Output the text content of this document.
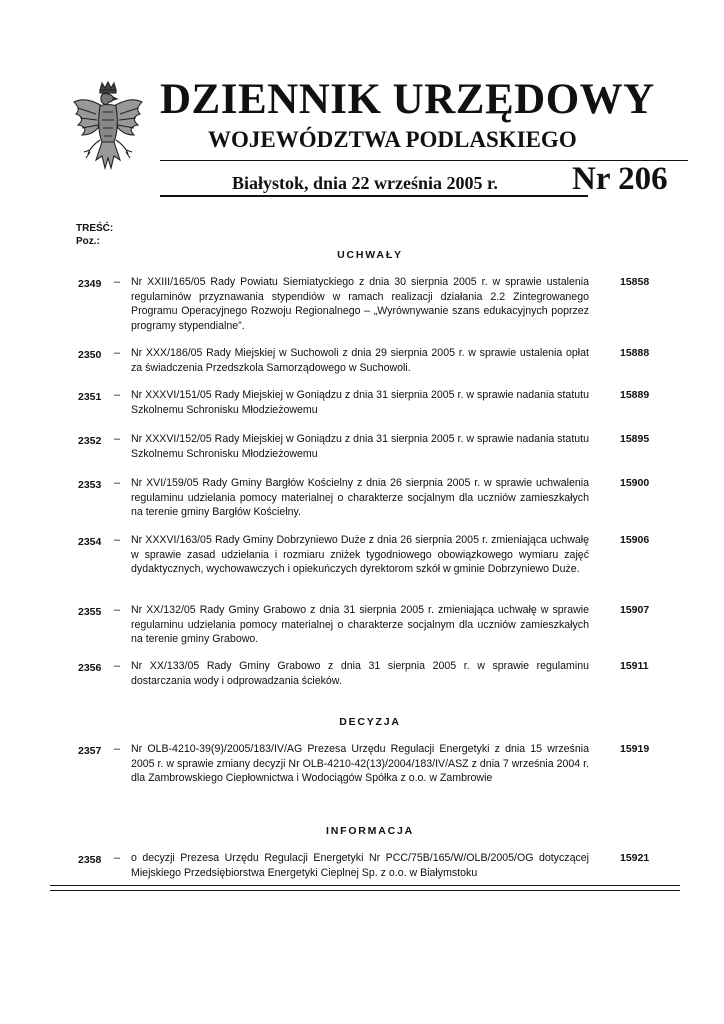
DZIENNIK URZĘDOWY
WOJEWÓDZTWA PODLASKIEGO
Białystok, dnia 22 września 2005 r. Nr 206
TREŚĆ:
Poz.:
UCHWAŁY
2349 – Nr XXIII/165/05 Rady Powiatu Siemiatyckiego z dnia 30 sierpnia 2005 r. w sprawie ustalenia regulaminów przyznawania stypendiów w ramach realizacji działania 2.2 Zintegrowanego Programu Operacyjnego Rozwoju Regionalnego – „Wyrównywanie szans edukacyjnych poprzez programy stypendialne”.
15858
2350 – Nr XXX/186/05 Rady Miejskiej w Suchowoli z dnia 29 sierpnia 2005 r. w sprawie ustalenia opłat za świadczenia Przedszkola Samorządowego w Suchowoli.
15888
2351 – Nr XXXVI/151/05 Rady Miejskiej w Goniądzu z dnia 31 sierpnia 2005 r. w sprawie nadania statutu Szkolnemu Schronisku Młodzieżowemu
15889
2352 – Nr XXXVI/152/05 Rady Miejskiej w Goniądzu z dnia 31 sierpnia 2005 r. w sprawie nadania statutu Szkolnemu Schronisku Młodzieżowemu
15895
2353 – Nr XVI/159/05 Rady Gminy Bargłów Kościelny z dnia 26 sierpnia 2005 r. w sprawie uchwalenia regulaminu udzielania pomocy materialnej o charakterze socjalnym dla uczniów zamieszkałych na terenie gminy Bargłów Kościelny.
15900
2354 – Nr XXXVI/163/05 Rady Gminy Dobrzyniewo Duże z dnia 26 sierpnia 2005 r. zmieniająca uchwałę w sprawie zasad udzielania i rozmiaru zniżek tygodniowego obowiązkowego wymiaru zajęć dydaktycznych, wychowawczych i opiekuńczych dyrektorom szkół w gminie Dobrzyniewo Duże.
15906
2355 – Nr XX/132/05 Rady Gminy Grabowo z dnia 31 sierpnia 2005 r. zmieniająca uchwałę w sprawie regulaminu udzielania pomocy materialnej o charakterze socjalnym dla uczniów zamieszkałych na terenie gminy Grabowo.
15907
2356 – Nr XX/133/05 Rady Gminy Grabowo z dnia 31 sierpnia 2005 r. w sprawie regulaminu dostarczania wody i odprowadzania ścieków.
15911
DECYZJA
2357 – Nr OLB-4210-39(9)/2005/183/IV/AG Prezesa Urzędu Regulacji Energetyki z dnia 15 września 2005 r. w sprawie zmiany decyzji Nr OLB-4210-42(13)/2004/183/IV/ASZ z dnia 7 września 2004 r. dla Zambrowskiego Ciepłownictwa i Wodociągów Spółka z o.o. w Zambrowie
15919
INFORMACJA
2358 – o decyzji Prezesa Urzędu Regulacji Energetyki Nr PCC/75B/165/W/OLB/2005/OG dotyczącej Miejskiego Przedsiębiorstwa Energetyki Cieplnej Sp. z o.o. w Białymstoku
15921
